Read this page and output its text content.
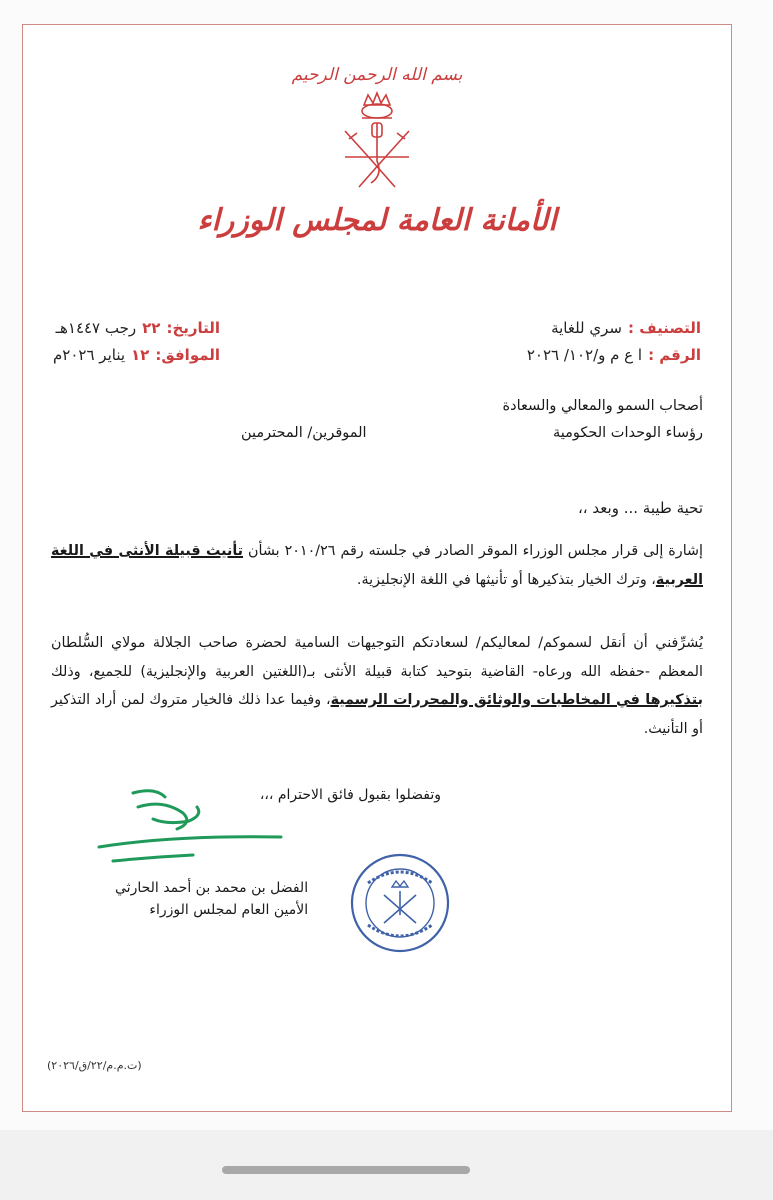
بسم الله الرحمن الرحيم
الأمانة العامة لمجلس الوزراء
التصنيف :سري للغاية
الرقم :ا ع م و/١٠٢/ ٢٠٢٦
التاريخ:٢٢رجب ١٤٤٧هـ
الموافق:١٢يناير ٢٠٢٦م
أصحاب السمو والمعالي والسعادة
رؤساء الوحدات الحكومية
الموقرين/ المحترمين
تحية طيبة ... وبعد ،،
إشارة إلى قرار مجلس الوزراء الموقر الصادر في جلسته رقم ٢٠١٠/٢٦ بشأن تأنيث قبيلة الأنثى في اللغة العربية، وترك الخيار بتذكيرها أو تأنيثها في اللغة الإنجليزية.
يُشرِّفني أن أنقل لسموكم/ لمعاليكم/ لسعادتكم التوجيهات السامية لحضرة صاحب الجلالة مولاي السُّلطان المعظم -حفظه الله ورعاه- القاضية بتوحيد كتابة قبيلة الأنثى بـ(اللغتين العربية والإنجليزية) للجميع، وذلك بتذكيرها في المخاطبات والوثائق والمحررات الرسمية، وفيما عدا ذلك فالخيار متروك لمن أراد التذكير أو التأنيث.
وتفضلوا بقبول فائق الاحترام ،،،
الفضل بن محمد بن أحمد الحارثي
الأمين العام لمجلس الوزراء
(ت.م.م/٢٢/ق/٢٠٢٦)
